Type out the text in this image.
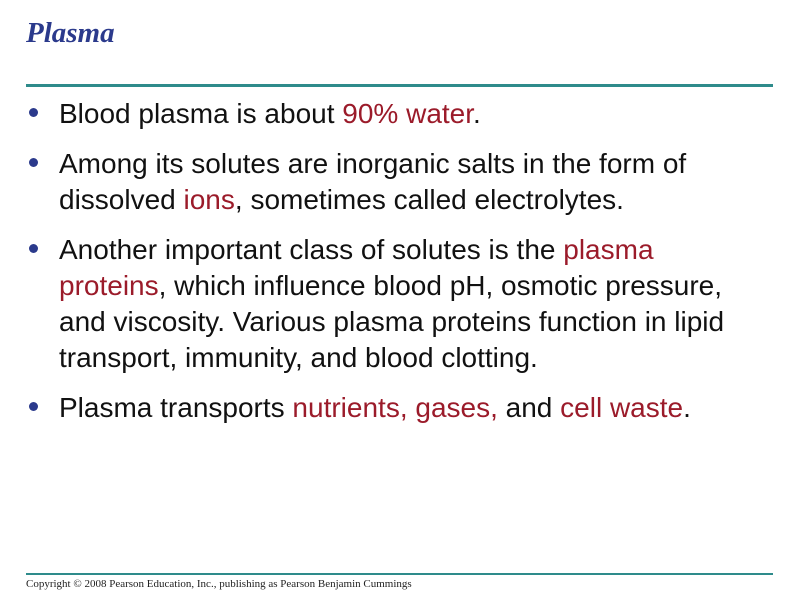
Plasma
Blood plasma is about 90% water.
Among its solutes are inorganic salts in the form of dissolved ions, sometimes called electrolytes.
Another important class of solutes is the plasma proteins, which influence blood pH, osmotic pressure, and viscosity. Various plasma proteins function in lipid transport, immunity, and blood clotting.
Plasma transports nutrients, gases, and cell waste.

Copyright © 2008 Pearson Education, Inc., publishing as Pearson Benjamin Cummings
